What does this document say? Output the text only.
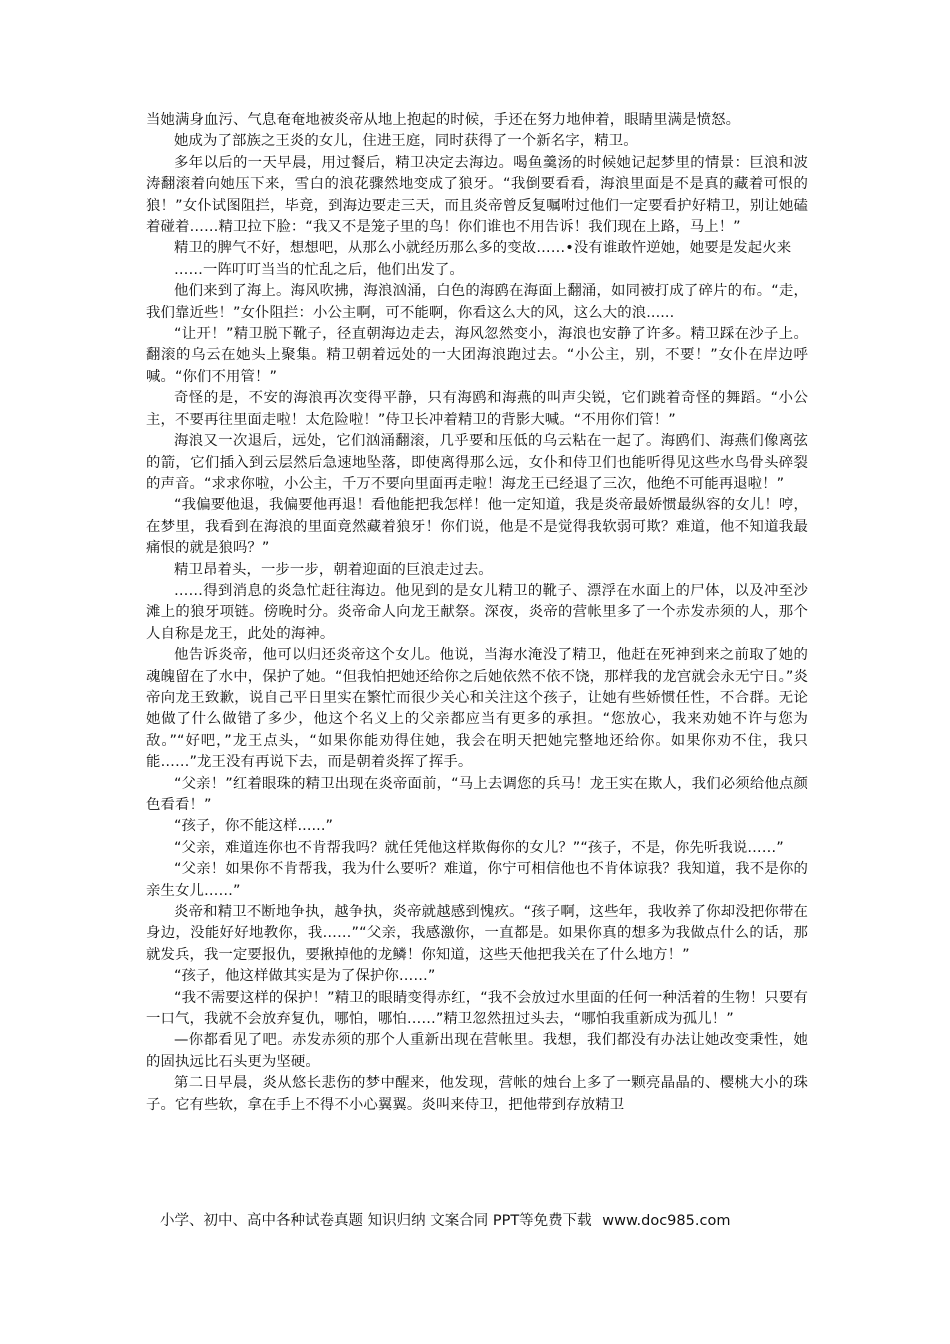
当她满身血污、气息奄奄地被炎帝从地上抱起的时候，手还在努力地伸着，眼睛里满是愤怒。

她成为了部族之王炎的女儿，住进王庭，同时获得了一个新名字，精卫。

多年以后的一天早晨，用过餐后，精卫决定去海边。喝鱼羹汤的时候她记起梦里的情景：巨浪和波涛翻滚着向她压下来，雪白的浪花骤然地变成了狼牙。“我倒要看看，海浪里面是不是真的藏着可恨的狼！”女仆试图阻拦，毕竟，到海边要走三天，而且炎帝曾反复嘱咐过他们一定要看护好精卫，别让她磕着碰着……精卫拉下脸：“我又不是笼子里的鸟！你们谁也不用告诉！我们现在上路，马上！”

精卫的脾气不好，想想吧，从那么小就经历那么多的变故……•没有谁敢忤逆她，她要是发起火来

……一阵叮叮当当的忙乱之后，他们出发了。

他们来到了海上。海风吹拂，海浪汹涌，白色的海鸥在海面上翻涌，如同被打成了碎片的布。“走，我们靠近些！”女仆阻拦：小公主啊，可不能啊，你看这么大的风，这么大的浪......

“让开！”精卫脱下靴子，径直朝海边走去，海风忽然变小，海浪也安静了许多。精卫踩在沙子上。翻滚的乌云在她头上聚集。精卫朝着远处的一大团海浪跑过去。“小公主，别，不要！”女仆在岸边呼喊。“你们不用管！”

奇怪的是，不安的海浪再次变得平静，只有海鸥和海燕的叫声尖锐，它们跳着奇怪的舞蹈。“小公主，不要再往里面走啦！太危险啦！”侍卫长冲着精卫的背影大喊。“不用你们管！”

海浪又一次退后，远处，它们汹涌翻滚，几乎要和压低的乌云粘在一起了。海鸥们、海燕们像离弦的箭，它们插入到云层然后急速地坠落，即使离得那么远，女仆和侍卫们也能听得见这些水鸟骨头碎裂的声音。“求求你啦，小公主，千万不要向里面再走啦！海龙王已经退了三次，他绝不可能再退啦！”

“我偏要他退，我偏要他再退！看他能把我怎样！他一定知道，我是炎帝最娇惯最纵容的女儿！哼，在梦里，我看到在海浪的里面竟然藏着狼牙！你们说，他是不是觉得我软弱可欺？难道，他不知道我最痛恨的就是狼吗？”

精卫昂着头，一步一步，朝着迎面的巨浪走过去。

……得到消息的炎急忙赶往海边。他见到的是女儿精卫的靴子、漂浮在水面上的尸体，以及冲至沙滩上的狼牙项链。傍晚时分。炎帝命人向龙王献祭。深夜，炎帝的营帐里多了一个赤发赤须的人，那个人自称是龙王，此处的海神。

他告诉炎帝，他可以归还炎帝这个女儿。他说，当海水淹没了精卫，他赶在死神到来之前取了她的魂魄留在了水中，保护了她。“但我怕把她还给你之后她依然不依不饶，那样我的龙宫就会永无宁日。”炎帝向龙王致歉，说自己平日里实在繁忙而很少关心和关注这个孩子，让她有些娇惯任性，不合群。无论她做了什么做错了多少，他这个名义上的父亲都应当有更多的承担。“您放心，我来劝她不许与您为敌。”“好吧，”龙王点头，“如果你能劝得住她，我会在明天把她完整地还给你。如果你劝不住，我只能……”龙王没有再说下去，而是朝着炎挥了挥手。

“父亲！”红着眼珠的精卫出现在炎帝面前，“马上去调您的兵马！龙王实在欺人，我们必须给他点颜色看看！”

“孩子，你不能这样......”

“父亲，难道连你也不肯帮我吗？就任凭他这样欺侮你的女儿？”“孩子，不是，你先听我说……”

“父亲！如果你不肯帮我，我为什么要听？难道，你宁可相信他也不肯体谅我？我知道，我不是你的亲生女儿……”

炎帝和精卫不断地争执，越争执，炎帝就越感到愧疚。“孩子啊，这些年，我收养了你却没把你带在身边，没能好好地教你，我……”“父亲，我感激你，一直都是。如果你真的想多为我做点什么的话，那就发兵，我一定要报仇，要揪掉他的龙鳞！你知道，这些天他把我关在了什么地方！”

“孩子，他这样做其实是为了保护你……”

“我不需要这样的保护！”精卫的眼睛变得赤红，“我不会放过水里面的任何一种活着的生物！只要有一口气，我就不会放弃复仇，哪怕，哪怕……”精卫忽然扭过头去，“哪怕我重新成为孤儿！”

—你都看见了吧。赤发赤须的那个人重新出现在营帐里。我想，我们都没有办法让她改变秉性，她的固执远比石头更为坚硬。

第二日早晨，炎从悠长悲伤的梦中醒来，他发现，营帐的烛台上多了一颗亮晶晶的、樱桃大小的珠子。它有些软，拿在手上不得不小心翼翼。炎叫来侍卫，把他带到存放精卫

小学、初中、高中各种试卷真题 知识归纳 文案合同 PPT等免费下载 www.doc985.com
